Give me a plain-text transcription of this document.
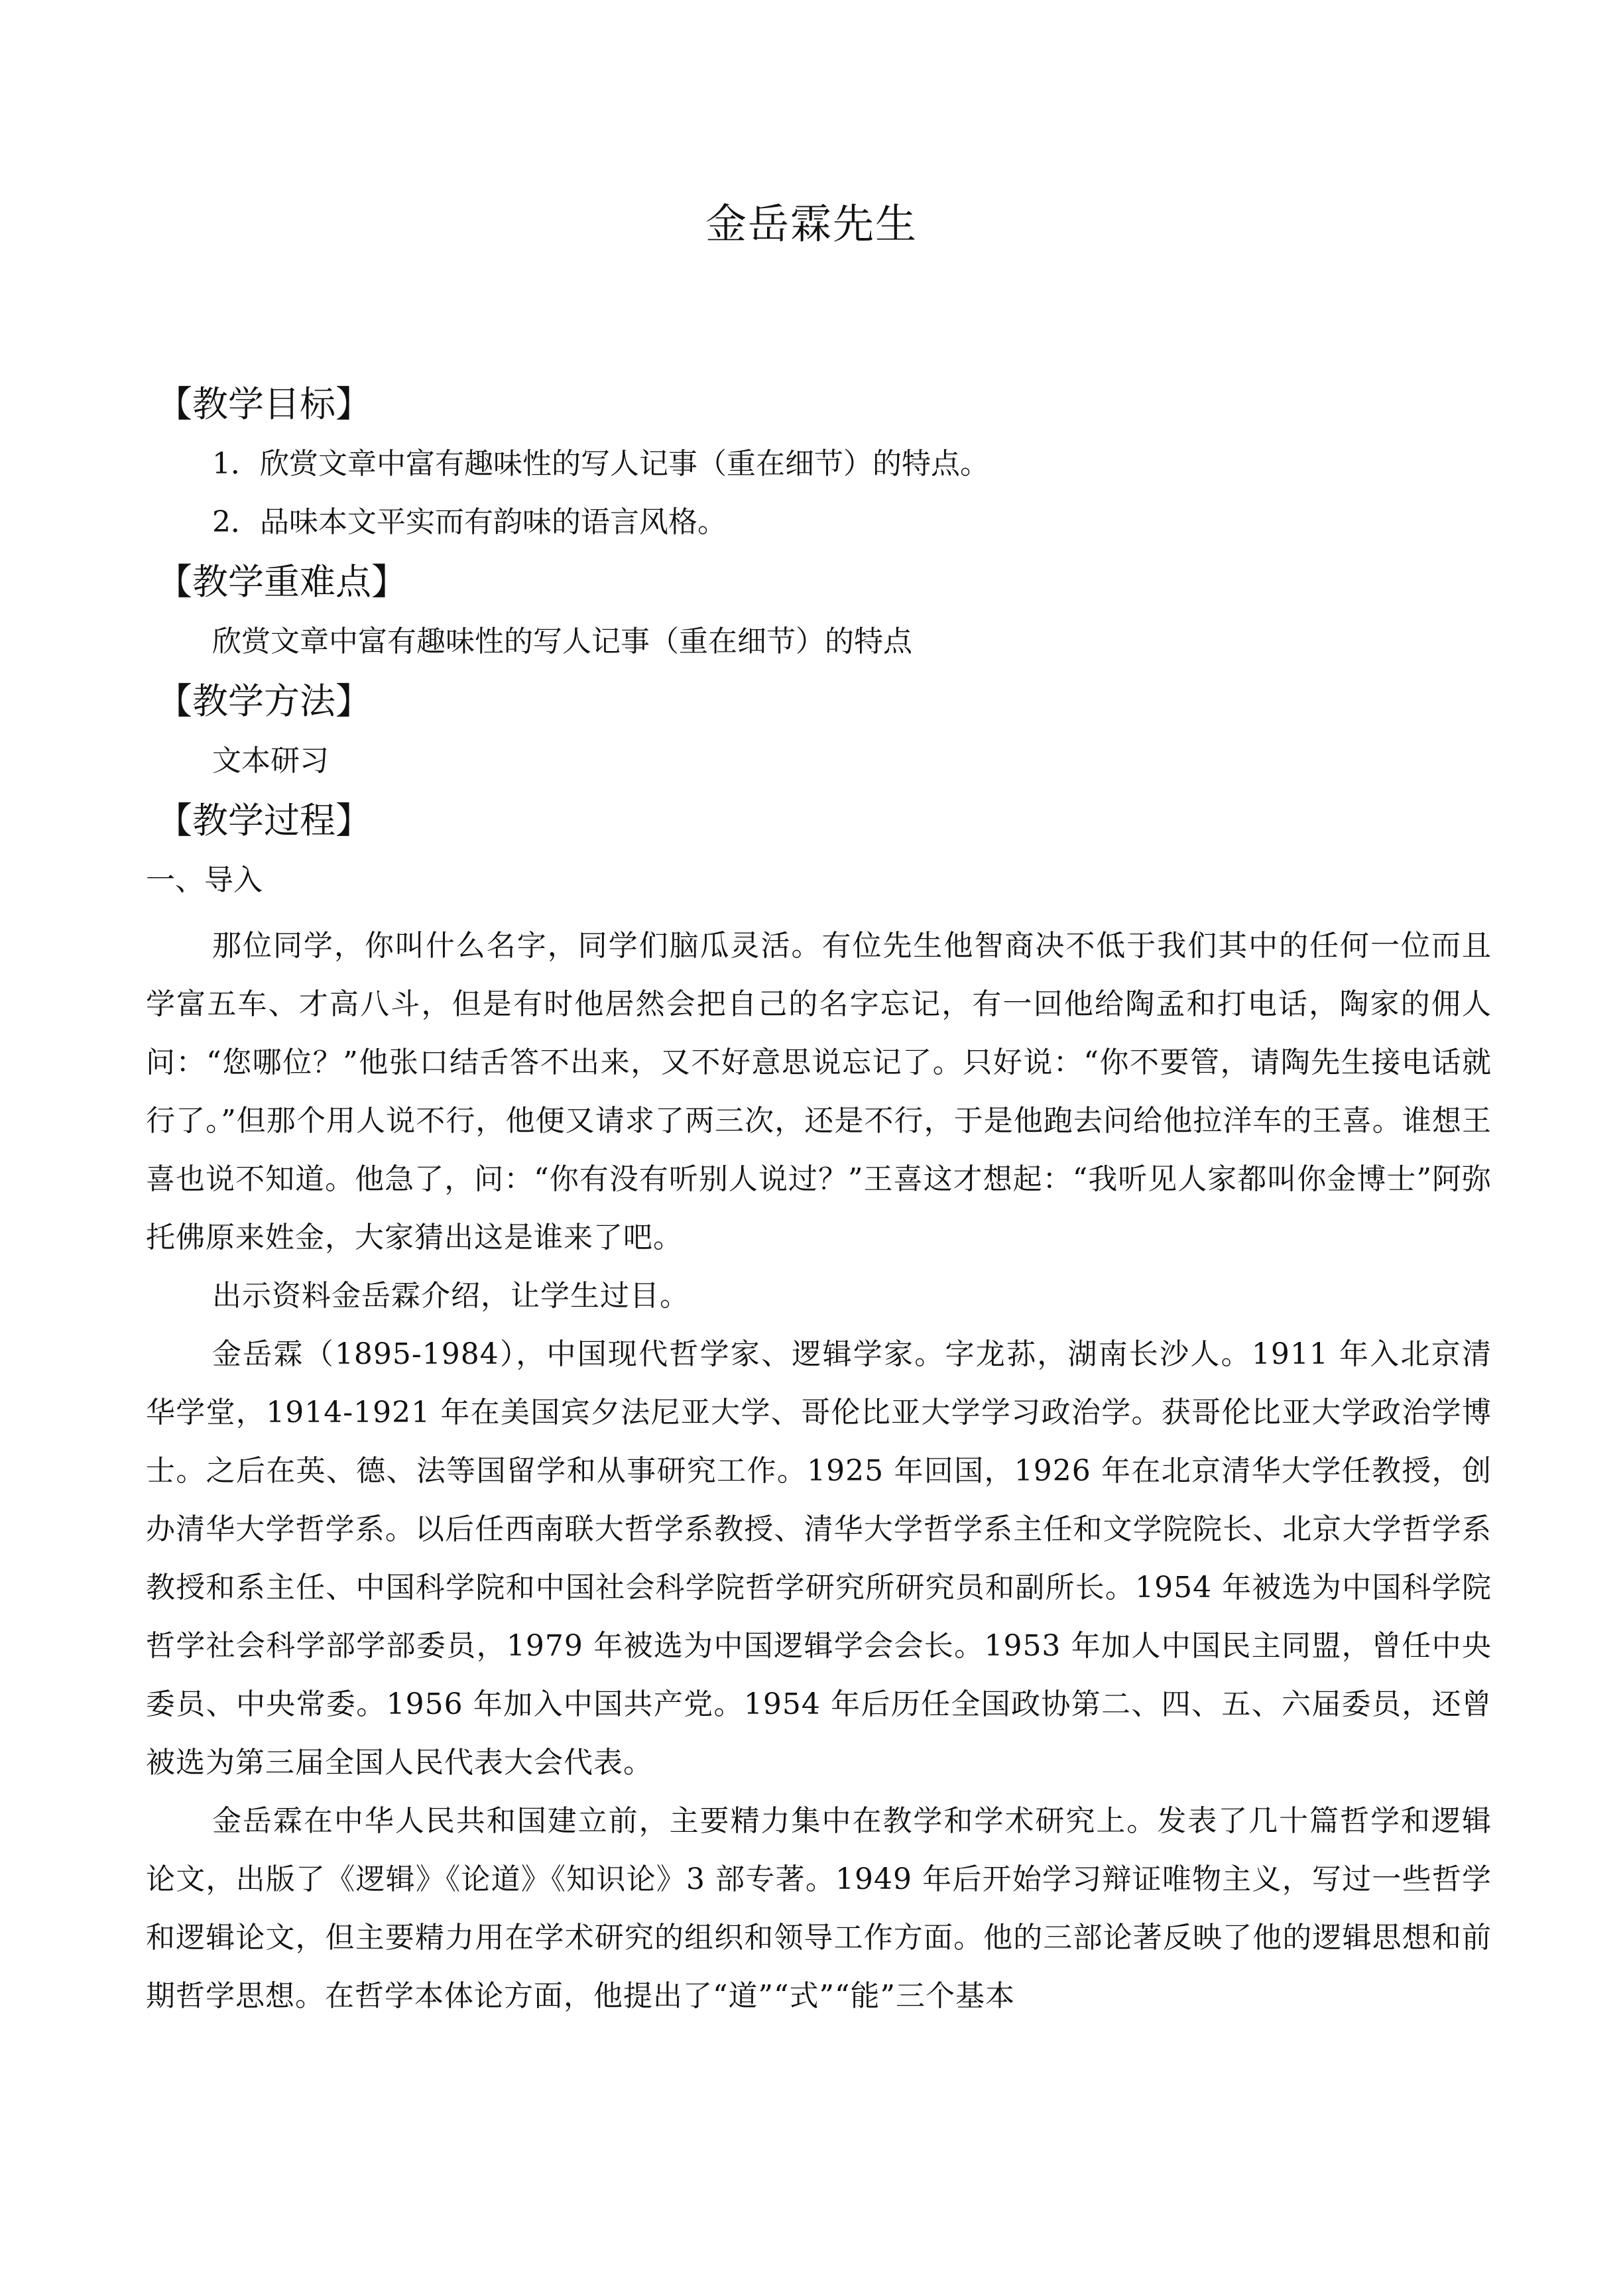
金岳霖先生
【教学目标】
1．欣赏文章中富有趣味性的写人记事（重在细节）的特点。
2．品味本文平实而有韵味的语言风格。
【教学重难点】
欣赏文章中富有趣味性的写人记事（重在细节）的特点
【教学方法】
文本研习
【教学过程】
一、导入

那位同学，你叫什么名字，同学们脑瓜灵活。有位先生他智商决不低于我们其中的任何一位而且学富五车、才高八斗，但是有时他居然会把自己的名字忘记，有一回他给陶孟和打电话，陶家的佣人问：“您哪位？”他张口结舌答不出来，又不好意思说忘记了。只好说：“你不要管，请陶先生接电话就行了。”但那个用人说不行，他便又请求了两三次，还是不行，于是他跑去问给他拉洋车的王喜。谁想王喜也说不知道。他急了，问：“你有没有听别人说过？”王喜这才想起：“我听见人家都叫你金博士”阿弥托佛原来姓金，大家猜出这是谁来了吧。

出示资料金岳霖介绍，让学生过目。

金岳霖（1895-1984），中国现代哲学家、逻辑学家。字龙荪，湖南长沙人。1911 年入北京清华学堂，1914-1921 年在美国宾夕法尼亚大学、哥伦比亚大学学习政治学。获哥伦比亚大学政治学博士。之后在英、德、法等国留学和从事研究工作。1925 年回国，1926 年在北京清华大学任教授，创办清华大学哲学系。以后任西南联大哲学系教授、清华大学哲学系主任和文学院院长、北京大学哲学系教授和系主任、中国科学院和中国社会科学院哲学研究所研究员和副所长。1954 年被选为中国科学院哲学社会科学部学部委员，1979 年被选为中国逻辑学会会长。1953 年加人中国民主同盟，曾任中央委员、中央常委。1956 年加入中国共产党。1954 年后历任全国政协第二、四、五、六届委员，还曾被选为第三届全国人民代表大会代表。

金岳霖在中华人民共和国建立前，主要精力集中在教学和学术研究上。发表了几十篇哲学和逻辑论文，出版了《逻辑》《论道》《知识论》3 部专著。1949 年后开始学习辩证唯物主义，写过一些哲学和逻辑论文，但主要精力用在学术研究的组织和领导工作方面。他的三部论著反映了他的逻辑思想和前期哲学思想。在哲学本体论方面，他提出了“道”“式”“能”三个基本
